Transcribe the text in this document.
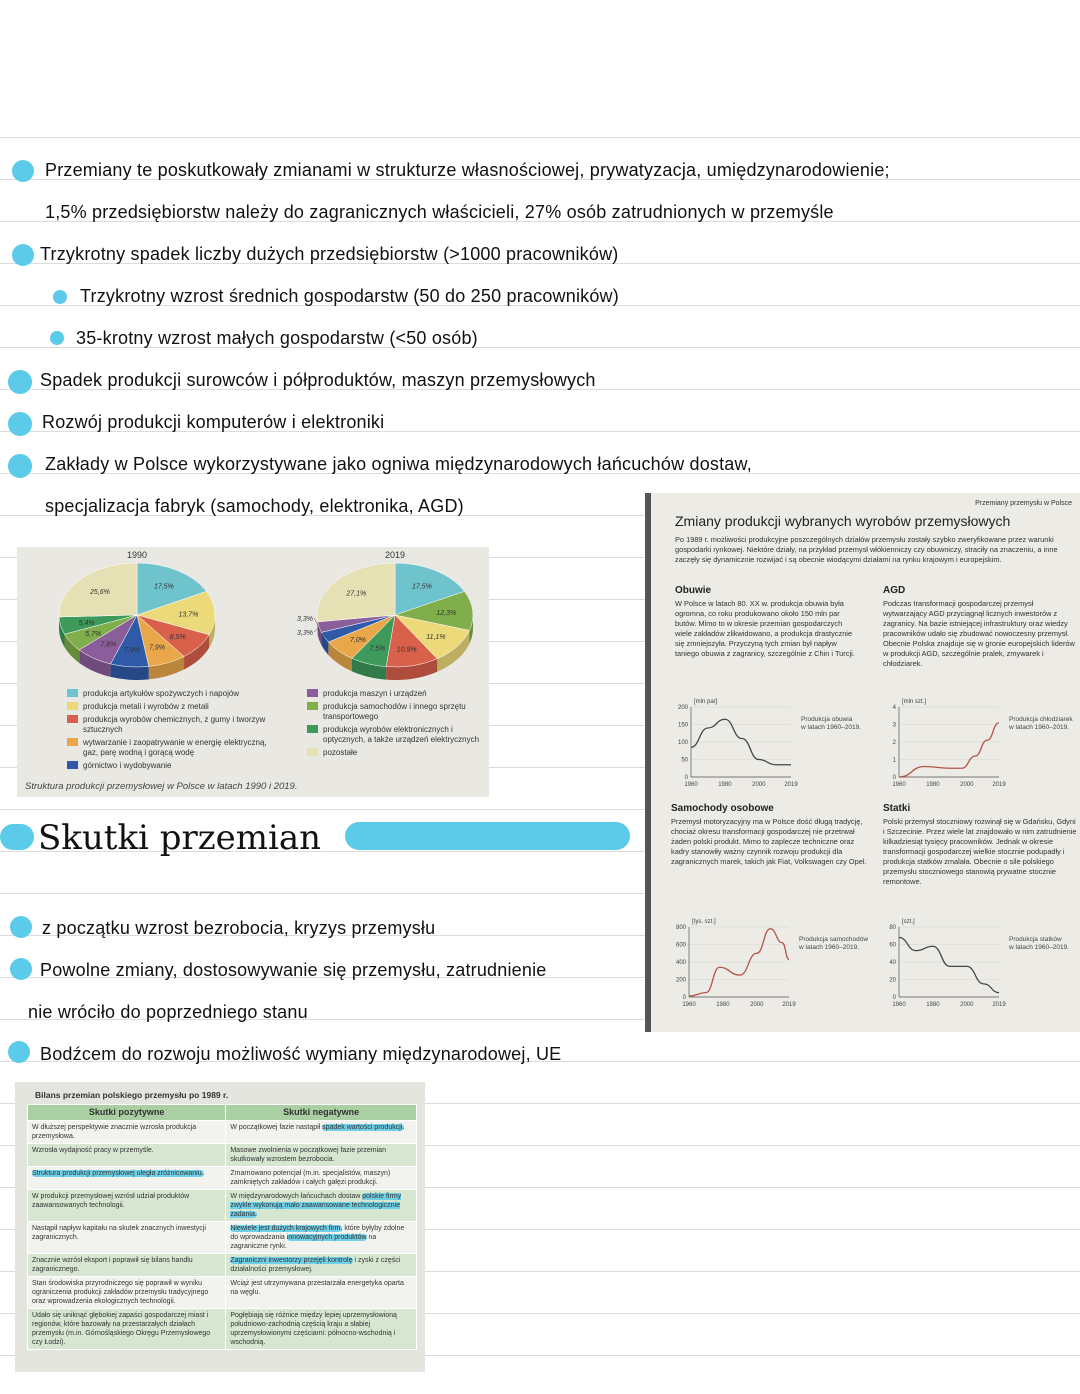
Przemiany te poskutkowały zmianami w strukturze własnościowej, prywatyzacja, umiędzynarodowienie;
1,5% przedsiębiorstw należy do zagranicznych właścicieli, 27% osób zatrudnionych w przemyśle
Trzykrotny spadek liczby dużych przedsiębiorstw (>1000 pracowników)
Trzykrotny wzrost średnich gospodarstw (50 do 250 pracowników)
35-krotny wzrost małych gospodarstw (<50 osób)
Spadek produkcji surowców i półproduktów, maszyn przemysłowych
Rozwój produkcji komputerów i elektroniki
Zakłady w Polsce wykorzystywane jako ogniwa międzynarodowych łańcuchów dostaw,
specjalizacja fabryk (samochody, elektronika, AGD)
Skutki przemian
z początku wzrost bezrobocia, kryzys przemysłu
Powolne zmiany, dostosowywanie się przemysłu, zatrudnienie
nie wróciło do poprzedniego stanu
Bodźcem do rozwoju możliwość wymiany międzynarodowej, UE
1990
17,5%
13,7%
8,5%
7,9%
7,9%
7,8%
5,7%
5,4%
25,6%
2019
17,5%
12,3%
11,1%
10,9%
7,5%
7,0%
3,3%
3,3%
27,1%
produkcja artykułów spożywczych i napojów
produkcja metali i wyrobów z metali
produkcja wyrobów chemicznych, z gumy i tworzyw sztucznych
wytwarzanie i zaopatrywanie w energię elektryczną, gaz, parę wodną i gorącą wodę
górnictwo i wydobywanie
produkcja maszyn i urządzeń
produkcja samochodów i innego sprzętu transportowego
produkcja wyrobów elektronicznych i optycznych, a także urządzeń elektrycznych
pozostałe
Struktura produkcji przemysłowej w Polsce w latach 1990 i 2019.
Przemiany przemysłu w Polsce
Zmiany produkcji wybranych wyrobów przemysłowych
Po 1989 r. możliwości produkcyjne poszczególnych działów przemysłu zostały szybko zweryfikowane przez warunki gospodarki rynkowej. Niektóre działy, na przykład przemysł włókienniczy czy obuwniczy, straciły na znaczeniu, a inne zaczęły się dynamicznie rozwijać i są obecnie wiodącymi działami na rynku krajowym i europejskim.
Obuwie

W Polsce w latach 80. XX w. produkcja obuwia była ogromna, co roku produkowano około 150 mln par butów. Mimo to w okresie przemian gospodarczych wiele zakładów zlikwidowano, a produkcja drastycznie się zmniejszyła. Przyczyną tych zmian był napływ taniego obuwia z zagranicy, szczególnie z Chin i Turcji.

AGD

Podczas transformacji gospodarczej przemysł wytwarzający AGD przyciągnął licznych inwestorów z zagranicy. Na bazie istniejącej infrastruktury oraz wiedzy pracowników udało się zbudować nowoczesny przemysł. Obecnie Polska znajduje się w gronie europejskich liderów w produkcji AGD, szczególnie pralek, zmywarek i chłodziarek.

Samochody osobowe

Przemysł motoryzacyjny ma w Polsce dość długą tradycję, chociaż okresu transformacji gospodarczej nie przetrwał żaden polski produkt. Mimo to zaplecze techniczne oraz kadry stanowiły ważny czynnik rozwoju produkcji dla zagranicznych marek, takich jak Fiat, Volkswagen czy Opel.

Statki

Polski przemysł stoczniowy rozwinął się w Gdańsku, Gdyni i Szczecinie. Przez wiele lat znajdowało w nim zatrudnienie kilkadziesiąt tysięcy pracowników. Jednak w okresie transformacji gospodarczej wielkie stocznie podupadły i produkcja statków zmalała. Obecnie o sile polskiego przemysłu stoczniowego stanowią prywatne stocznie remontowe.

[mln par]
0
50
100
150
200
1960	1980	2000	2019
Produkcja obuwia
w latach 1960–2019.
[mln szt.]
0
1
2
3
4
1960	1980	2000	2019
Produkcja chłodziarek
w latach 1960–2019.
[tys. szt.]
0
200
400
600
800
1960	1980	2000	2019
Produkcja samochodów
w latach 1960–2019.
[szt.]
0
20
40
60
80
1960	1980	2000	2019
Produkcja statków
w latach 1960–2019.
Bilans przemian polskiego przemysłu po 1989 r.
Skutki pozytywne	Skutki negatywne
W dłuższej perspektywie znacznie wzrosła produkcja przemysłowa.	W początkowej fazie nastąpił spadek wartości produkcji.
Wzrosła wydajność pracy w przemyśle.	Masowe zwolnienia w początkowej fazie przemian skutkowały wzrostem bezrobocia.
Struktura produkcji przemysłowej uległa zróżnicowaniu.	Zmarnowano potencjał (m.in. specjalistów, maszyn) zamkniętych zakładów i całych gałęzi produkcji.
W produkcji przemysłowej wzrósł udział produktów zaawansowanych technologii.	W międzynarodowych łańcuchach dostaw polskie firmy zwykle wykonują mało zaawansowane technologicznie zadania.
Nastąpił napływ kapitału na skutek znacznych inwestycji zagranicznych.	Niewiele jest dużych krajowych firm, które byłyby zdolne do wprowadzania innowacyjnych produktów na zagraniczne rynki.
Znacznie wzrósł eksport i poprawił się bilans handlu zagranicznego.	Zagraniczni inwestorzy przejęli kontrolę i zyski z części działalności przemysłowej.
Stan środowiska przyrodniczego się poprawił w wyniku ograniczenia produkcji zakładów przemysłu tradycyjnego oraz wprowadzenia ekologicznych technologii.	Wciąż jest utrzymywana przestarzała energetyka oparta na węglu.
Udało się uniknąć głębokiej zapaści gospodarczej miast i regionów, które bazowały na przestarzałych działach przemysłu (m.in. Górnośląskiego Okręgu Przemysłowego czy Łodzi).	Pogłębiają się różnice między lepiej uprzemysłowioną południowo-zachodnią częścią kraju a słabiej uprzemysłowionymi częściami: północno-wschodnią i wschodnią.
